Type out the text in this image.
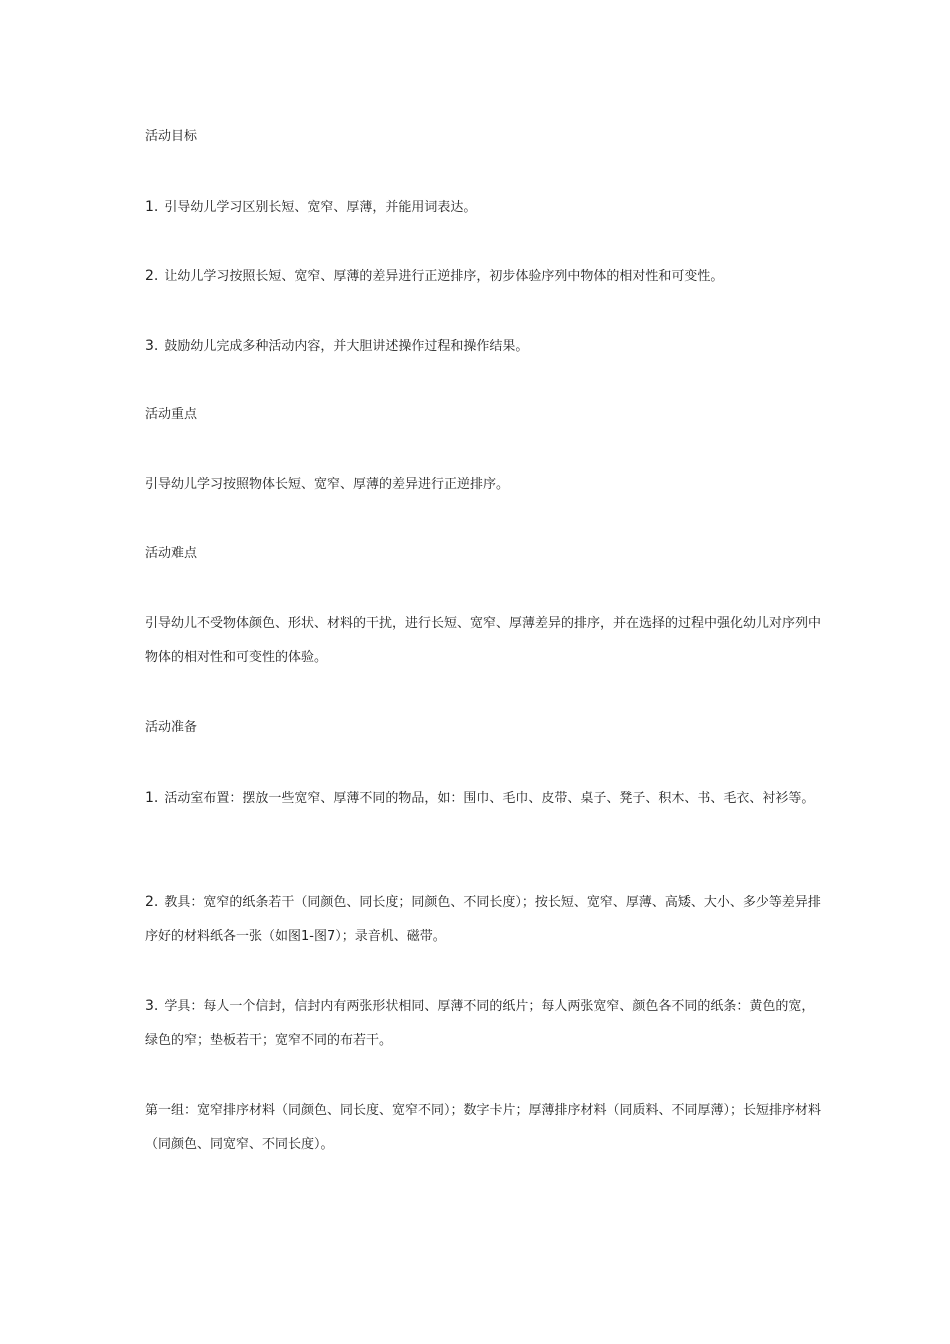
活动目标

1. 引导幼儿学习区别长短、宽窄、厚薄，并能用词表达。

2. 让幼儿学习按照长短、宽窄、厚薄的差异进行正逆排序，初步体验序列中物体的相对性和可变性。

3. 鼓励幼儿完成多种活动内容，并大胆讲述操作过程和操作结果。

活动重点

引导幼儿学习按照物体长短、宽窄、厚薄的差异进行正逆排序。

活动难点

引导幼儿不受物体颜色、形状、材料的干扰，进行长短、宽窄、厚薄差异的排序，并在选择的过程中强化幼儿对序列中物体的相对性和可变性的体验。

活动准备

1. 活动室布置：摆放一些宽窄、厚薄不同的物品，如：围巾、毛巾、皮带、桌子、凳子、积木、书、毛衣、衬衫等。

2. 教具：宽窄的纸条若干（同颜色、同长度；同颜色、不同长度）；按长短、宽窄、厚薄、高矮、大小、多少等差异排序好的材料纸各一张（如图1-图7）；录音机、磁带。

3. 学具：每人一个信封，信封内有两张形状相同、厚薄不同的纸片；每人两张宽窄、颜色各不同的纸条：黄色的宽，绿色的窄；垫板若干；宽窄不同的布若干。

第一组：宽窄排序材料（同颜色、同长度、宽窄不同）；数字卡片；厚薄排序材料（同质料、不同厚薄）；长短排序材料（同颜色、同宽窄、不同长度）。
